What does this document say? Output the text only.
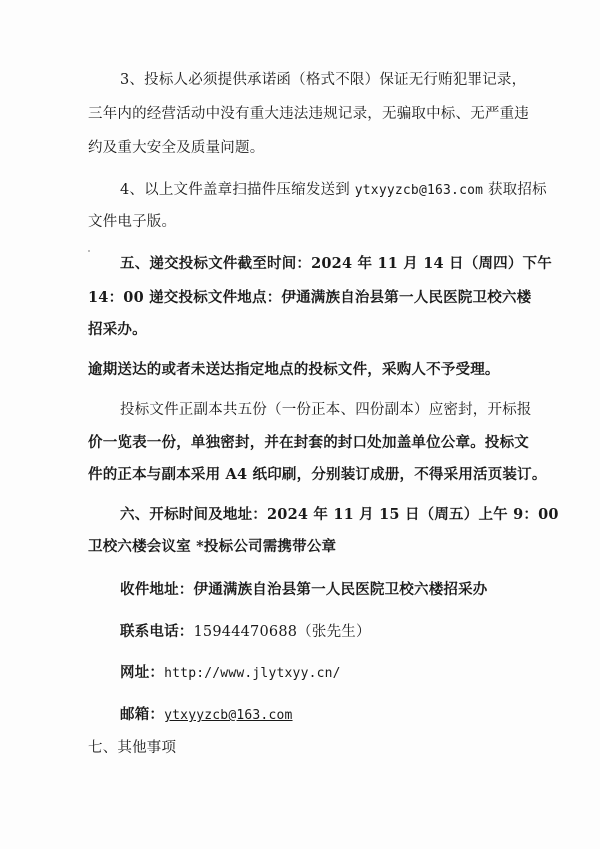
3、投标人必须提供承诺函（格式不限）保证无行贿犯罪记录，

三年内的经营活动中没有重大违法违规记录，无骗取中标、无严重违

约及重大安全及质量问题。

4、以上文件盖章扫描件压缩发送到 ytxyyzcb@163.com 获取招标

文件电子版。

五、递交投标文件截至时间：2024 年 11 月 14 日（周四）下午

14：00 递交投标文件地点：伊通满族自治县第一人民医院卫校六楼

招采办。

逾期送达的或者未送达指定地点的投标文件，采购人不予受理。

投标文件正副本共五份（一份正本、四份副本）应密封，开标报

价一览表一份，单独密封，并在封套的封口处加盖单位公章。投标文

件的正本与副本采用 A4 纸印刷，分别装订成册，不得采用活页装订。

六、开标时间及地址：2024 年 11 月 15 日（周五）上午 9：00

卫校六楼会议室 *投标公司需携带公章

收件地址：伊通满族自治县第一人民医院卫校六楼招采办

联系电话：15944470688（张先生）

网址：http://www.jlytxyy.cn/

邮箱：ytxyyzcb@163.com

七、其他事项
